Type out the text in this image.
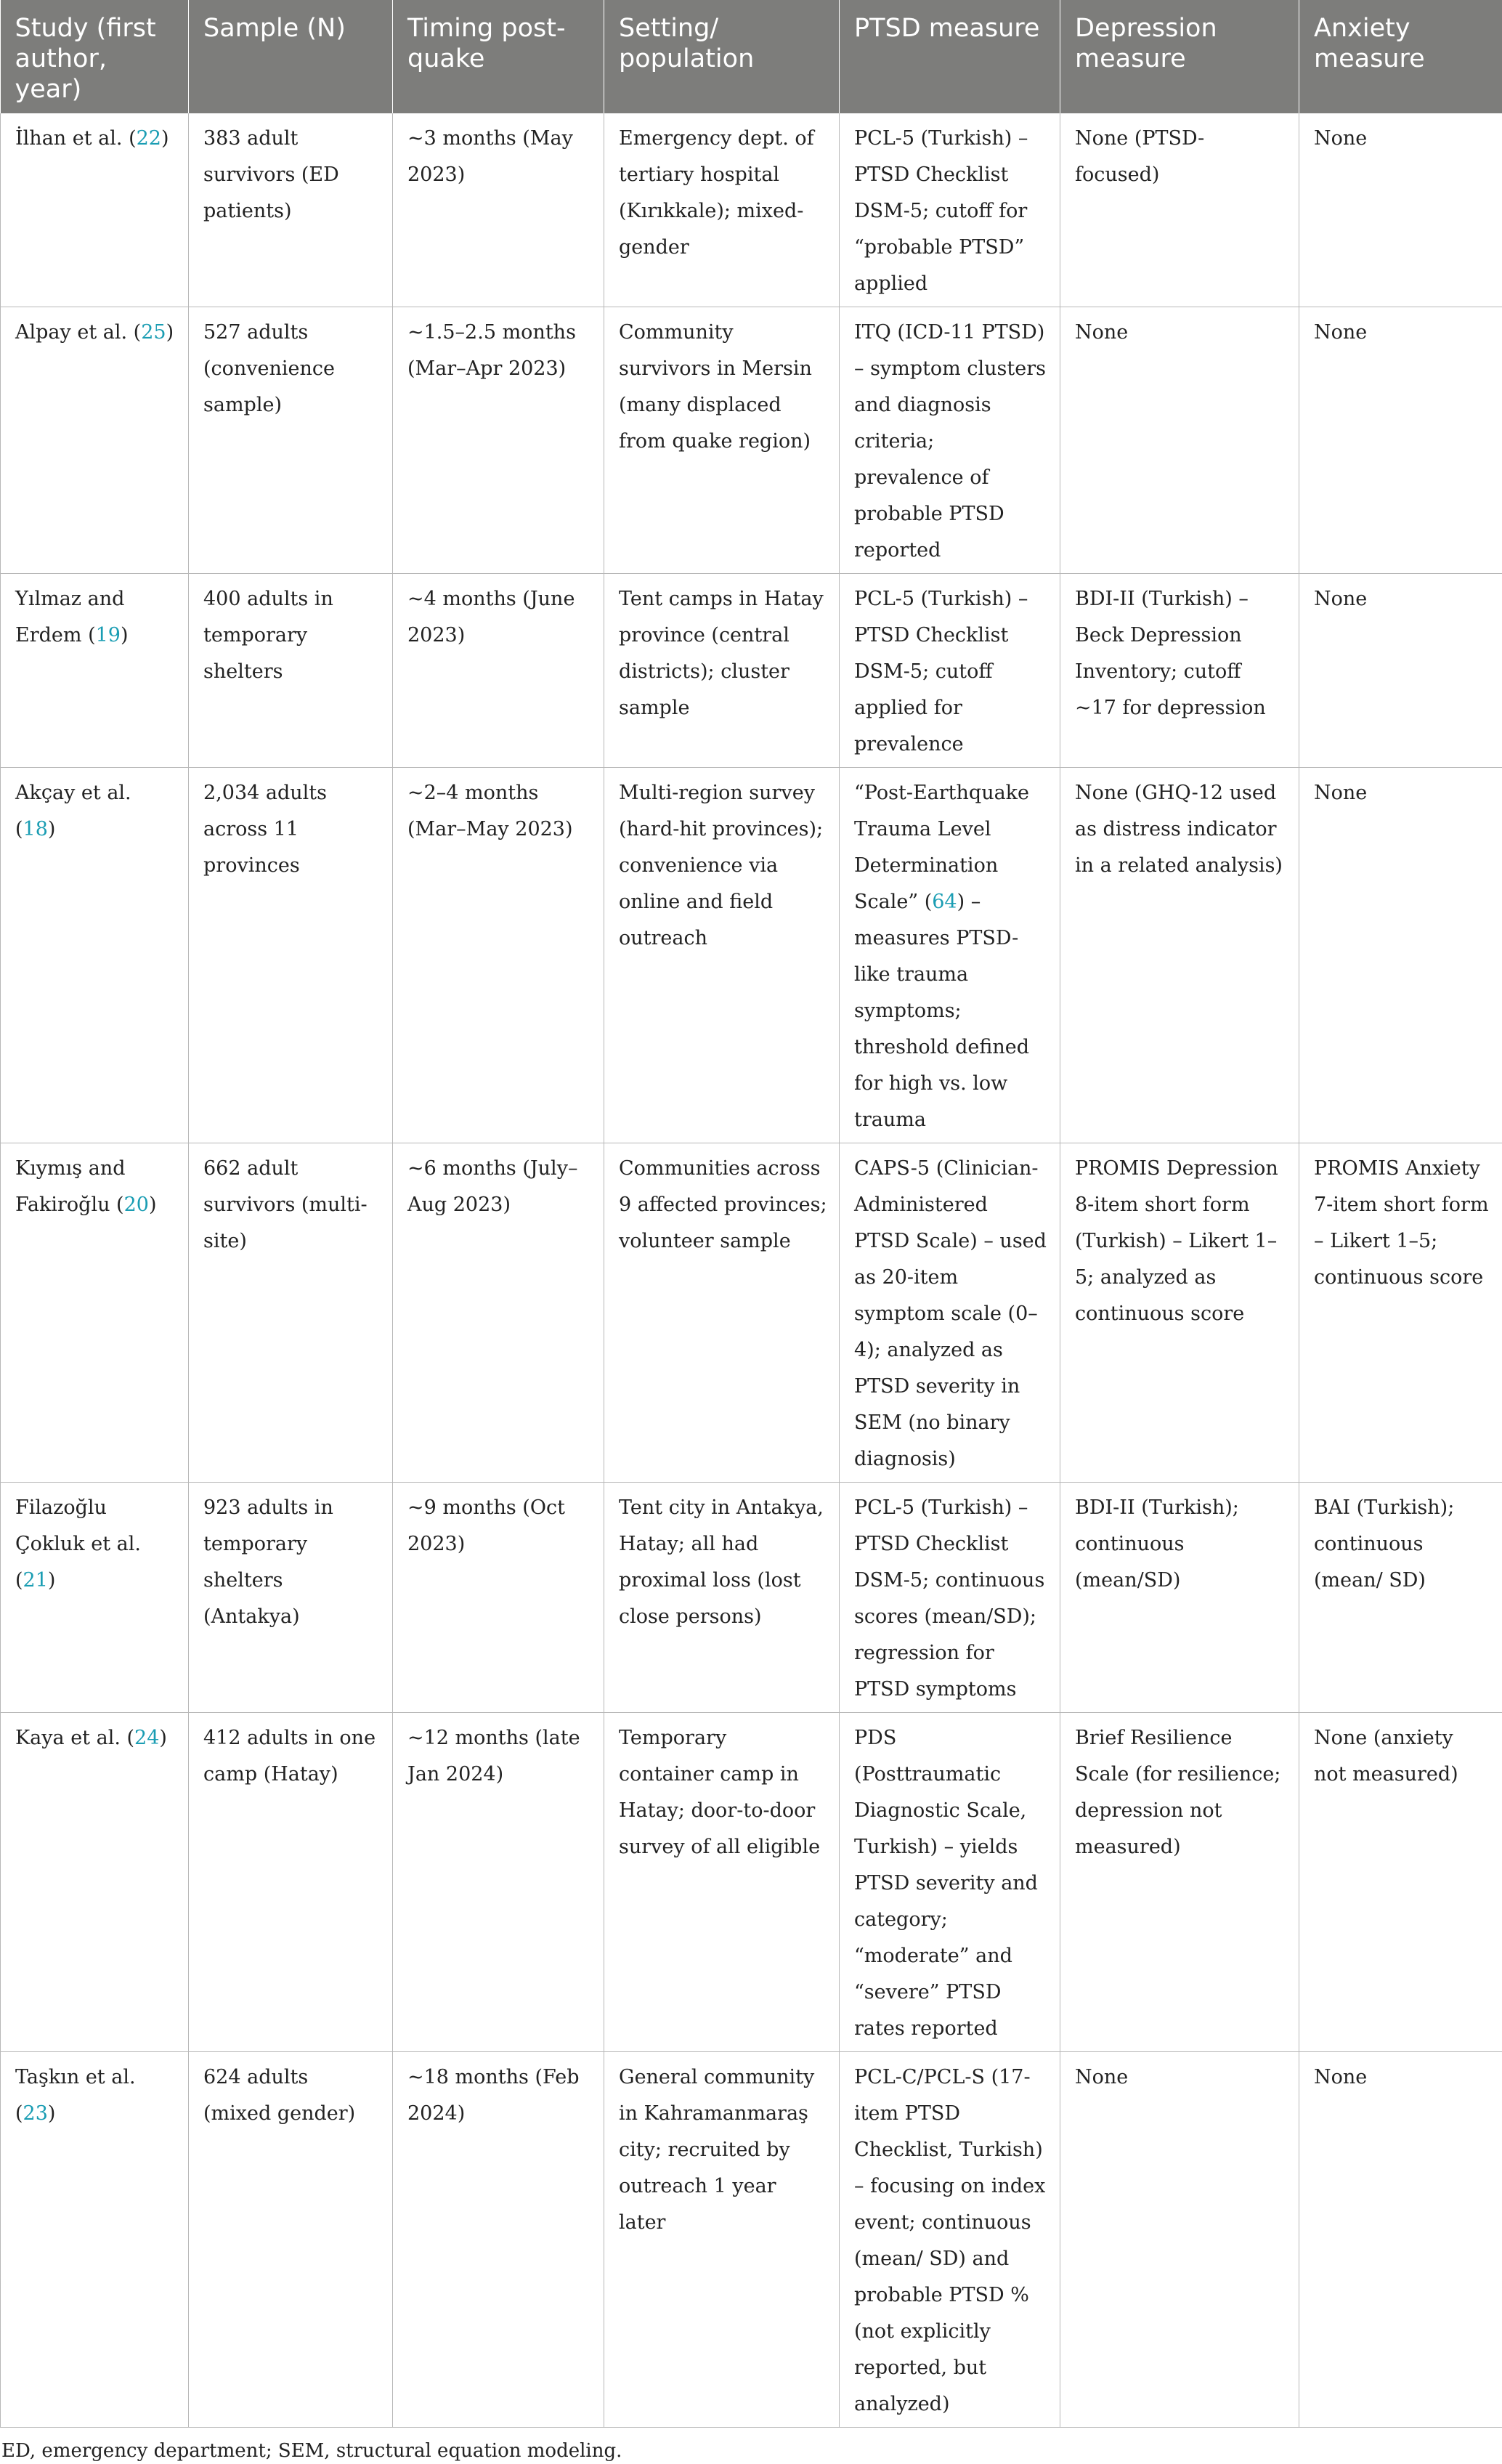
Study (first author, year)	Sample (N)	Timing post-quake	Setting/ population	PTSD measure	Depression measure	Anxiety measure
İlhan et al. (22)	383 adult survivors (ED patients)	~3 months (May 2023)	Emergency dept. of tertiary hospital (Kırıkkale); mixed-gender	PCL-5 (Turkish) – PTSD Checklist DSM-5; cutoff for “probable PTSD” applied	None (PTSD-focused)	None
Alpay et al. (25)	527 adults (convenience sample)	~1.5–2.5 months (Mar–Apr 2023)	Community survivors in Mersin (many displaced from quake region)	ITQ (ICD-11 PTSD) – symptom clusters and diagnosis criteria; prevalence of probable PTSD reported	None	None
Yılmaz and Erdem (19)	400 adults in temporary shelters	~4 months (June 2023)	Tent camps in Hatay province (central districts); cluster sample	PCL-5 (Turkish) – PTSD Checklist DSM-5; cutoff applied for prevalence	BDI-II (Turkish) – Beck Depression Inventory; cutoff ~17 for depression	None
Akçay et al. (18)	2,034 adults across 11 provinces	~2–4 months (Mar–May 2023)	Multi-region survey (hard-hit provinces); convenience via online and field outreach	“Post-Earthquake Trauma Level Determination Scale” (64) – measures PTSD-like trauma symptoms; threshold defined for high vs. low trauma	None (GHQ-12 used as distress indicator in a related analysis)	None
Kıymış and Fakiroğlu (20)	662 adult survivors (multi-site)	~6 months (July–Aug 2023)	Communities across 9 affected provinces; volunteer sample	CAPS-5 (Clinician-Administered PTSD Scale) – used as 20-item symptom scale (0–4); analyzed as PTSD severity in SEM (no binary diagnosis)	PROMIS Depression 8-item short form (Turkish) – Likert 1–5; analyzed as continuous score	PROMIS Anxiety 7-item short form – Likert 1–5; continuous score
Filazoğlu Çokluk et al. (21)	923 adults in temporary shelters (Antakya)	~9 months (Oct 2023)	Tent city in Antakya, Hatay; all had proximal loss (lost close persons)	PCL-5 (Turkish) – PTSD Checklist DSM-5; continuous scores (mean/SD); regression for PTSD symptoms	BDI-II (Turkish); continuous (mean/SD)	BAI (Turkish); continuous (mean/ SD)
Kaya et al. (24)	412 adults in one camp (Hatay)	~12 months (late Jan 2024)	Temporary container camp in Hatay; door-to-door survey of all eligible	PDS (Posttraumatic Diagnostic Scale, Turkish) – yields PTSD severity and category; “moderate” and “severe” PTSD rates reported	Brief Resilience Scale (for resilience; depression not measured)	None (anxiety not measured)
Taşkın et al. (23)	624 adults (mixed gender)	~18 months (Feb 2024)	General community in Kahramanmaraş city; recruited by outreach 1 year later	PCL-C/PCL-S (17-item PTSD Checklist, Turkish) – focusing on index event; continuous (mean/ SD) and probable PTSD % (not explicitly reported, but analyzed)	None	None
ED, emergency department; SEM, structural equation modeling.
